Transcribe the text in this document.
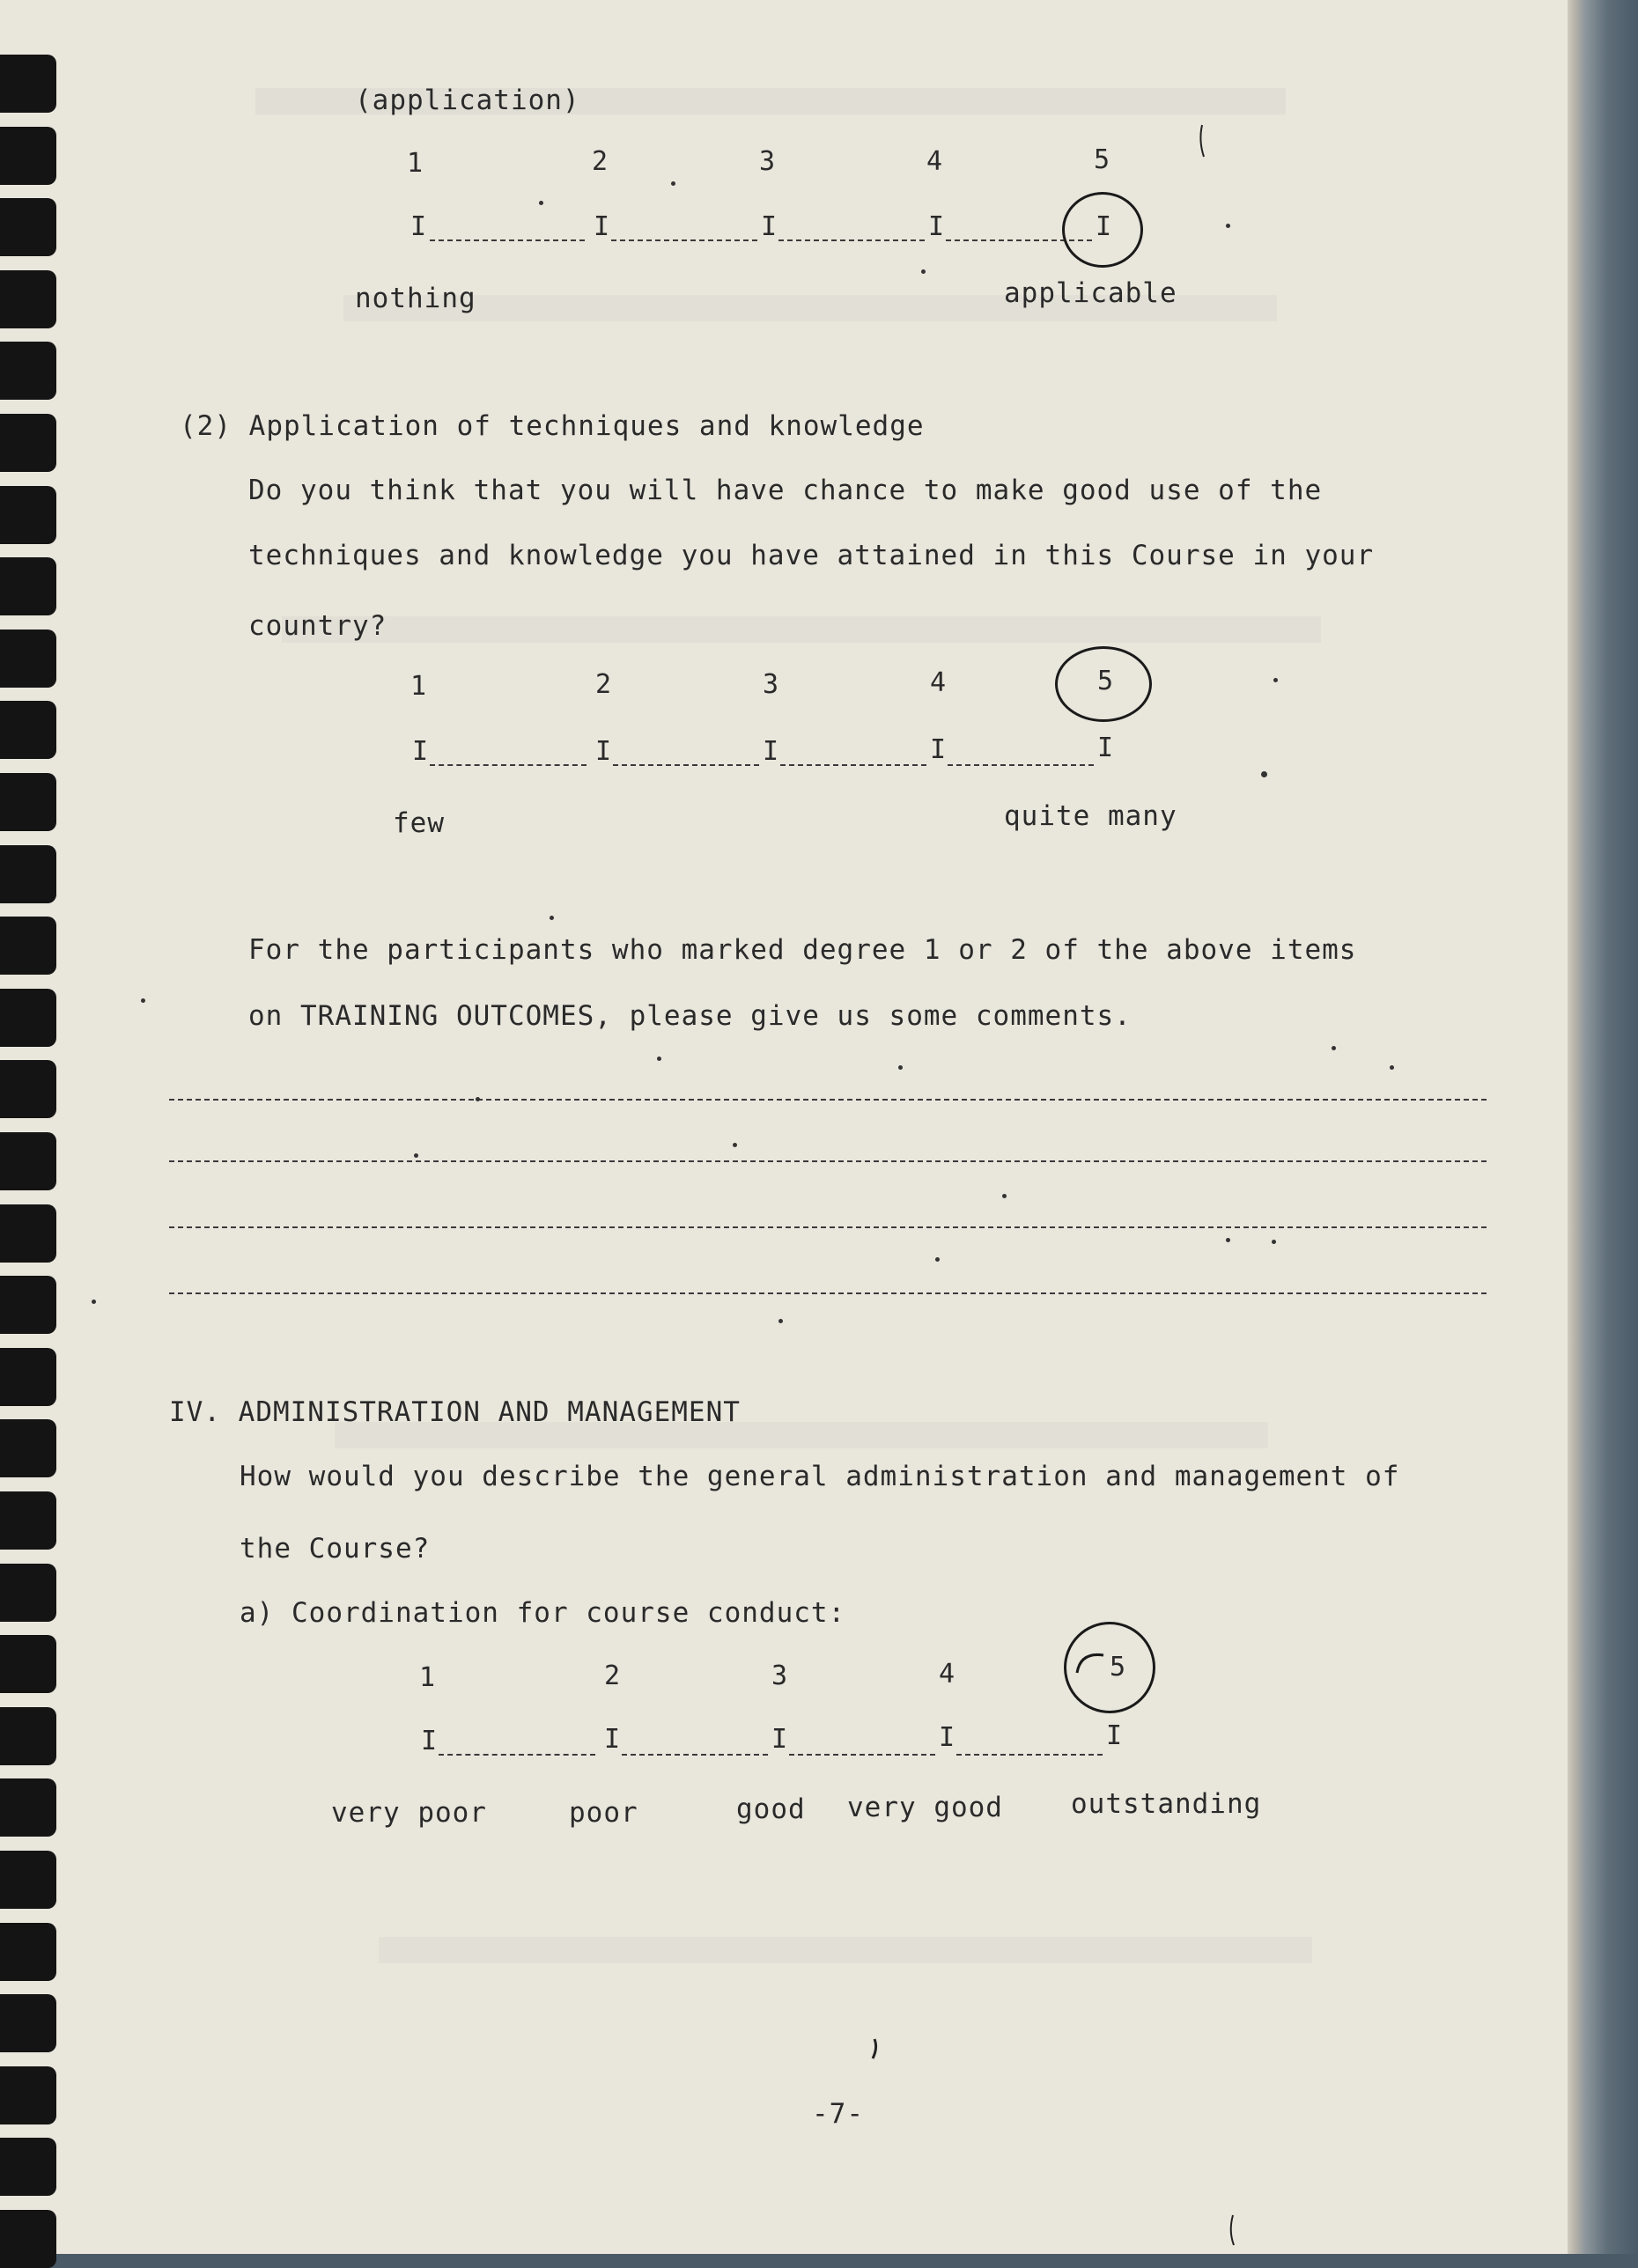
(application)
1	2	3	4	5
I	I	I	I	I
nothing	applicable
(2) Application of techniques and knowledge
Do you think that you will have chance to make good use of the
techniques and knowledge you have attained in this Course in your
country?
1	2	3	4	5
I	I	I	I	I
few	quite many
For the participants who marked degree 1 or 2 of the above items
on TRAINING OUTCOMES, please give us some comments.
IV. ADMINISTRATION AND MANAGEMENT
How would you describe the general administration and management of
the Course?
a) Coordination for course conduct:
1	2	3	4	5
I	I	I	I	I
very poor	poor	good very good outstanding
-7-
